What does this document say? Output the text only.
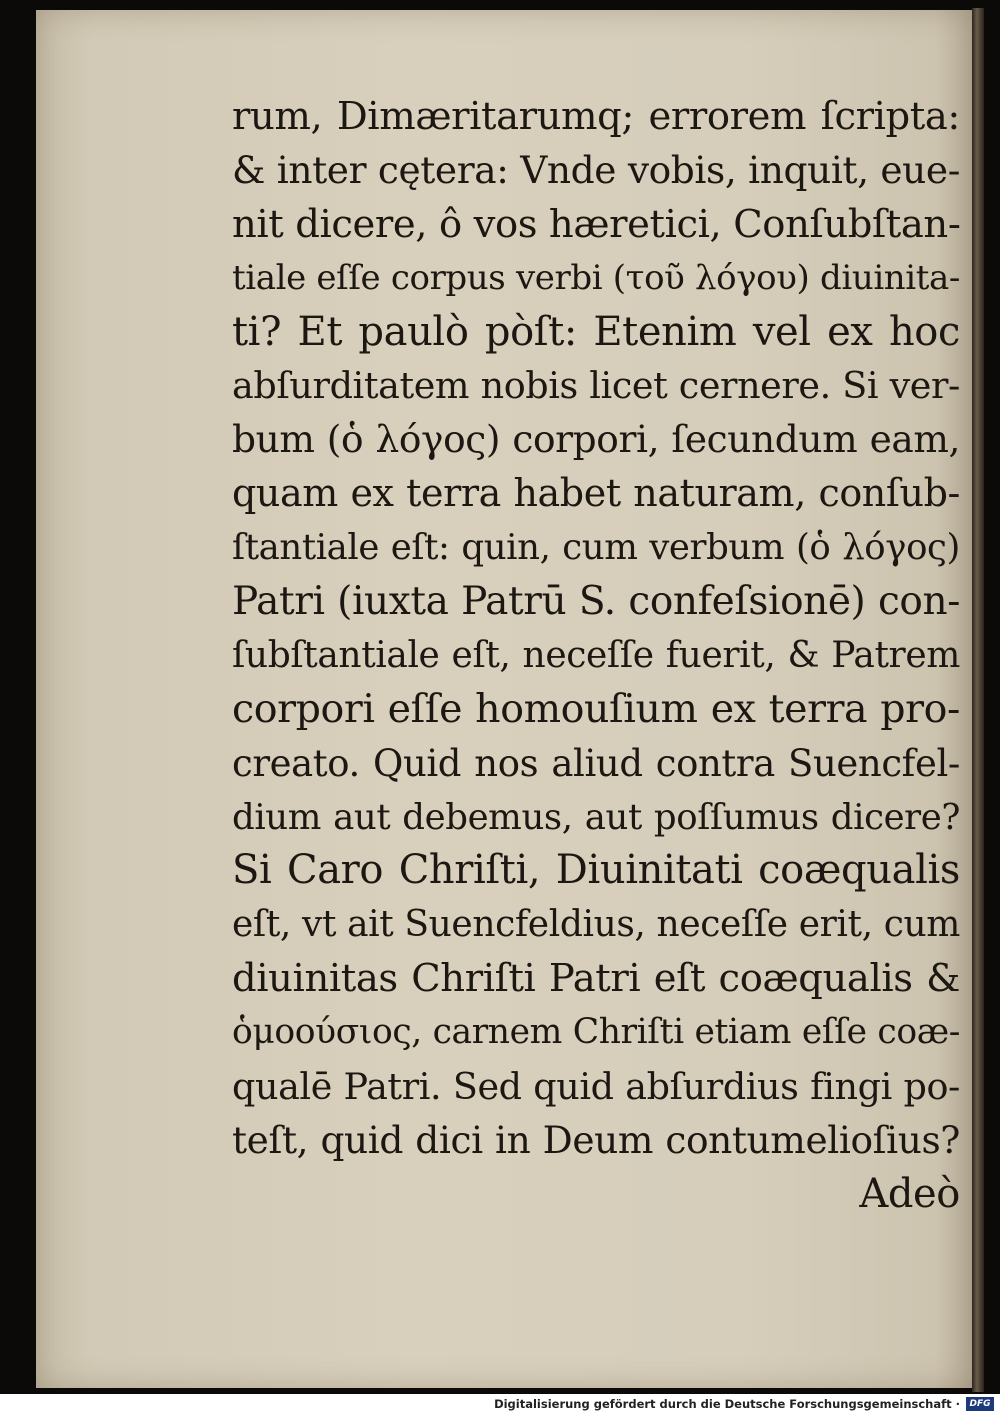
rum, Dimæritarumq; errorem ſcripta:
& inter cętera: Vnde vobis, inquit, eue-
nit dicere, ô vos hæretici, Conſubſtan-
tiale eſſe corpus verbi (τοῦ λόγου) diuinita-
ti? Et paulò pòſt: Etenim vel ex hoc
abſurditatem nobis licet cernere. Si ver-
bum (ὁ λόγος) corpori, ſecundum eam,
quam ex terra habet naturam, conſub-
ſtantiale eſt: quin, cum verbum (ὁ λόγος)
Patri (iuxta Patrū S. confeſsionē) con-
ſubſtantiale eſt, neceſſe fuerit, & Patrem
corpori eſſe homouſium ex terra pro-
creato. Quid nos aliud contra Suencfel-
dium aut debemus, aut poſſumus dicere?
Si Caro Chriſti, Diuinitati coæqualis
eſt, vt ait Suencfeldius, neceſſe erit, cum
diuinitas Chriſti Patri eſt coæqualis &
ὁμοούσιος, carnem Chriſti etiam eſſe coæ-
qualē Patri. Sed quid abſurdius fingi po-
teſt, quid dici in Deum contumelioſius?
Adeò
Digitalisierung gefördert durch die Deutsche Forschungsgemeinschaft ·	DFG
